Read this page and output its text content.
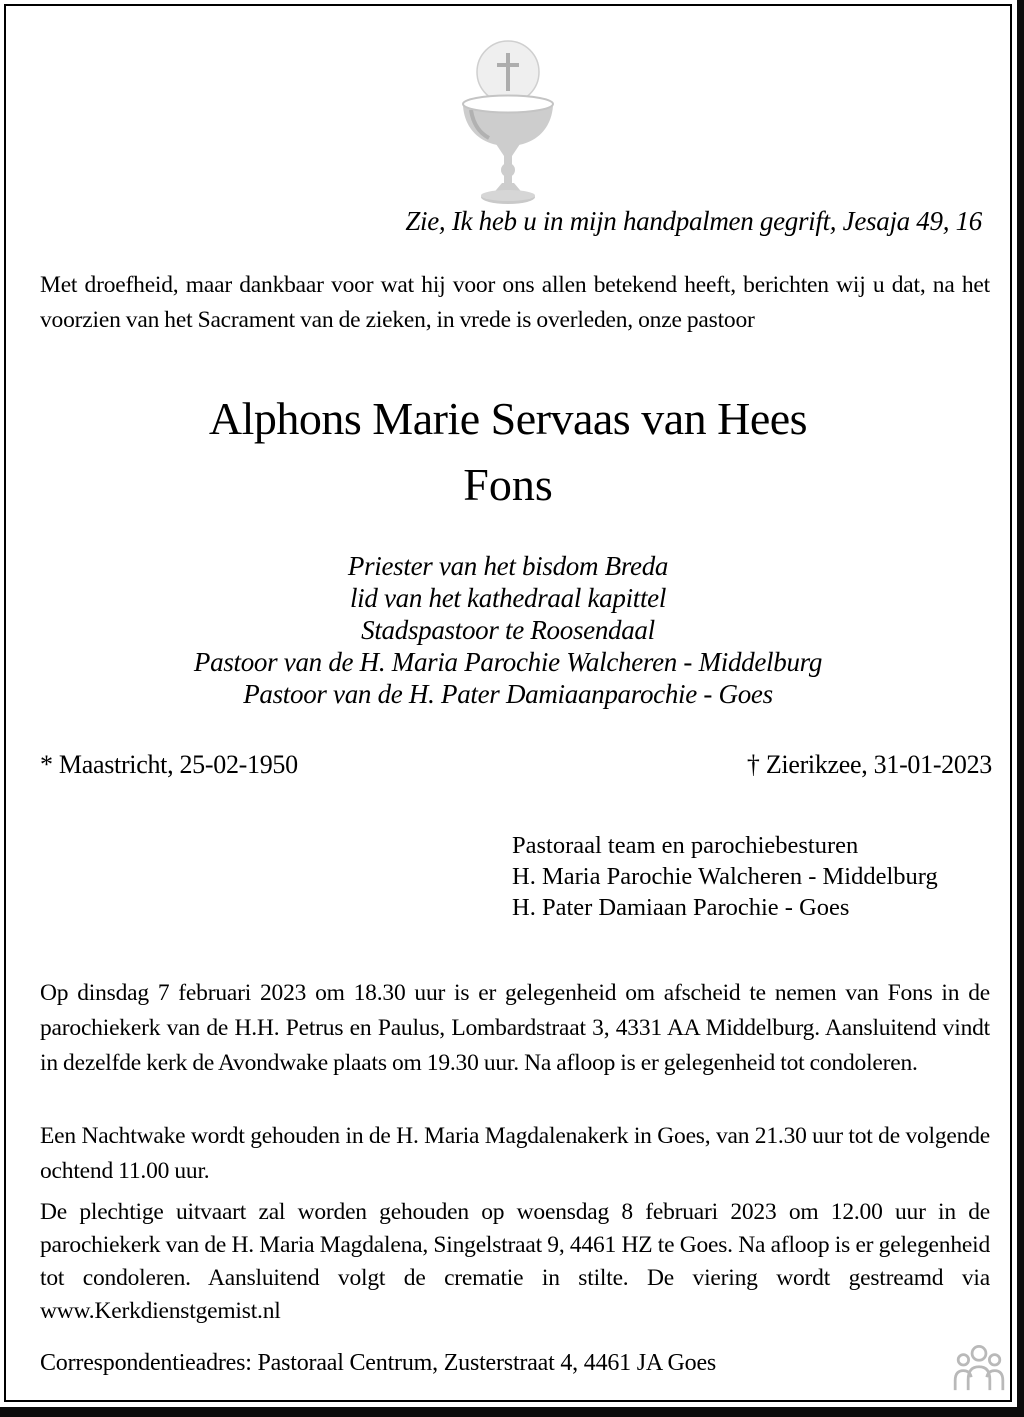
Zie, Ik heb u in mijn handpalmen gegrift, Jesaja 49, 16

Met droefheid, maar dankbaar voor wat hij voor ons allen betekend heeft, berichten wij u dat, na het voorzien van het Sacrament van de zieken, in vrede is overleden, onze pastoor

Alphons Marie Servaas van Hees
Fons
Priester van het bisdom Breda
lid van het kathedraal kapittel
Stadspastoor te Roosendaal
Pastoor van de H. Maria Parochie Walcheren - Middelburg
Pastoor van de H. Pater Damiaanparochie - Goes
* Maastricht, 25-02-1950	† Zierikzee, 31-01-2023
Pastoraal team en parochiebesturen
H. Maria Parochie Walcheren - Middelburg
H. Pater Damiaan Parochie - Goes

Op dinsdag 7 februari 2023 om 18.30 uur is er gelegenheid om afscheid te nemen van Fons in de parochiekerk van de H.H. Petrus en Paulus, Lombardstraat 3, 4331 AA Middelburg. Aansluitend vindt in dezelfde kerk de Avondwake plaats om 19.30 uur. Na afloop is er gelegenheid tot condoleren.

Een Nachtwake wordt gehouden in de H. Maria Magdalenakerk in Goes, van 21.30 uur tot de volgende ochtend 11.00 uur.

De plechtige uitvaart zal worden gehouden op woensdag 8 februari 2023 om 12.00 uur in de parochiekerk van de H. Maria Magdalena, Singelstraat 9, 4461 HZ te Goes. Na afloop is er gelegenheid tot condoleren. Aansluitend volgt de crematie in stilte. De viering wordt gestreamd via www.Kerkdienstgemist.nl

Correspondentieadres: Pastoraal Centrum, Zusterstraat 4, 4461 JA Goes
